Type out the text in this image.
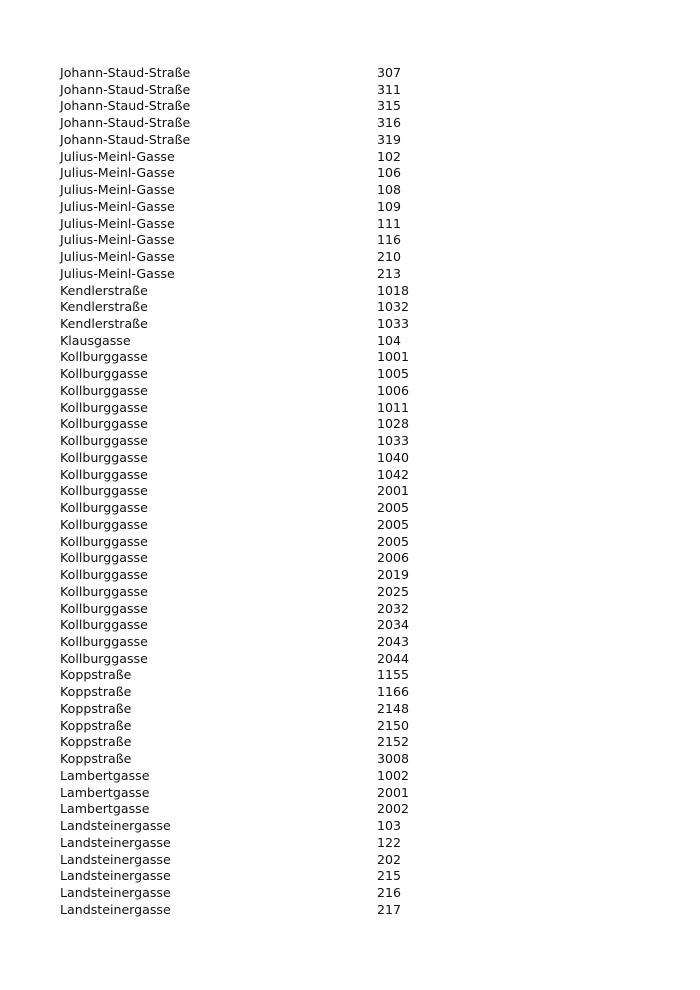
Johann-Staud-Straße	307
Johann-Staud-Straße	311
Johann-Staud-Straße	315
Johann-Staud-Straße	316
Johann-Staud-Straße	319
Julius-Meinl-Gasse	102
Julius-Meinl-Gasse	106
Julius-Meinl-Gasse	108
Julius-Meinl-Gasse	109
Julius-Meinl-Gasse	111
Julius-Meinl-Gasse	116
Julius-Meinl-Gasse	210
Julius-Meinl-Gasse	213
Kendlerstraße	1018
Kendlerstraße	1032
Kendlerstraße	1033
Klausgasse	104
Kollburggasse	1001
Kollburggasse	1005
Kollburggasse	1006
Kollburggasse	1011
Kollburggasse	1028
Kollburggasse	1033
Kollburggasse	1040
Kollburggasse	1042
Kollburggasse	2001
Kollburggasse	2005
Kollburggasse	2005
Kollburggasse	2005
Kollburggasse	2006
Kollburggasse	2019
Kollburggasse	2025
Kollburggasse	2032
Kollburggasse	2034
Kollburggasse	2043
Kollburggasse	2044
Koppstraße	1155
Koppstraße	1166
Koppstraße	2148
Koppstraße	2150
Koppstraße	2152
Koppstraße	3008
Lambertgasse	1002
Lambertgasse	2001
Lambertgasse	2002
Landsteinergasse	103
Landsteinergasse	122
Landsteinergasse	202
Landsteinergasse	215
Landsteinergasse	216
Landsteinergasse	217
